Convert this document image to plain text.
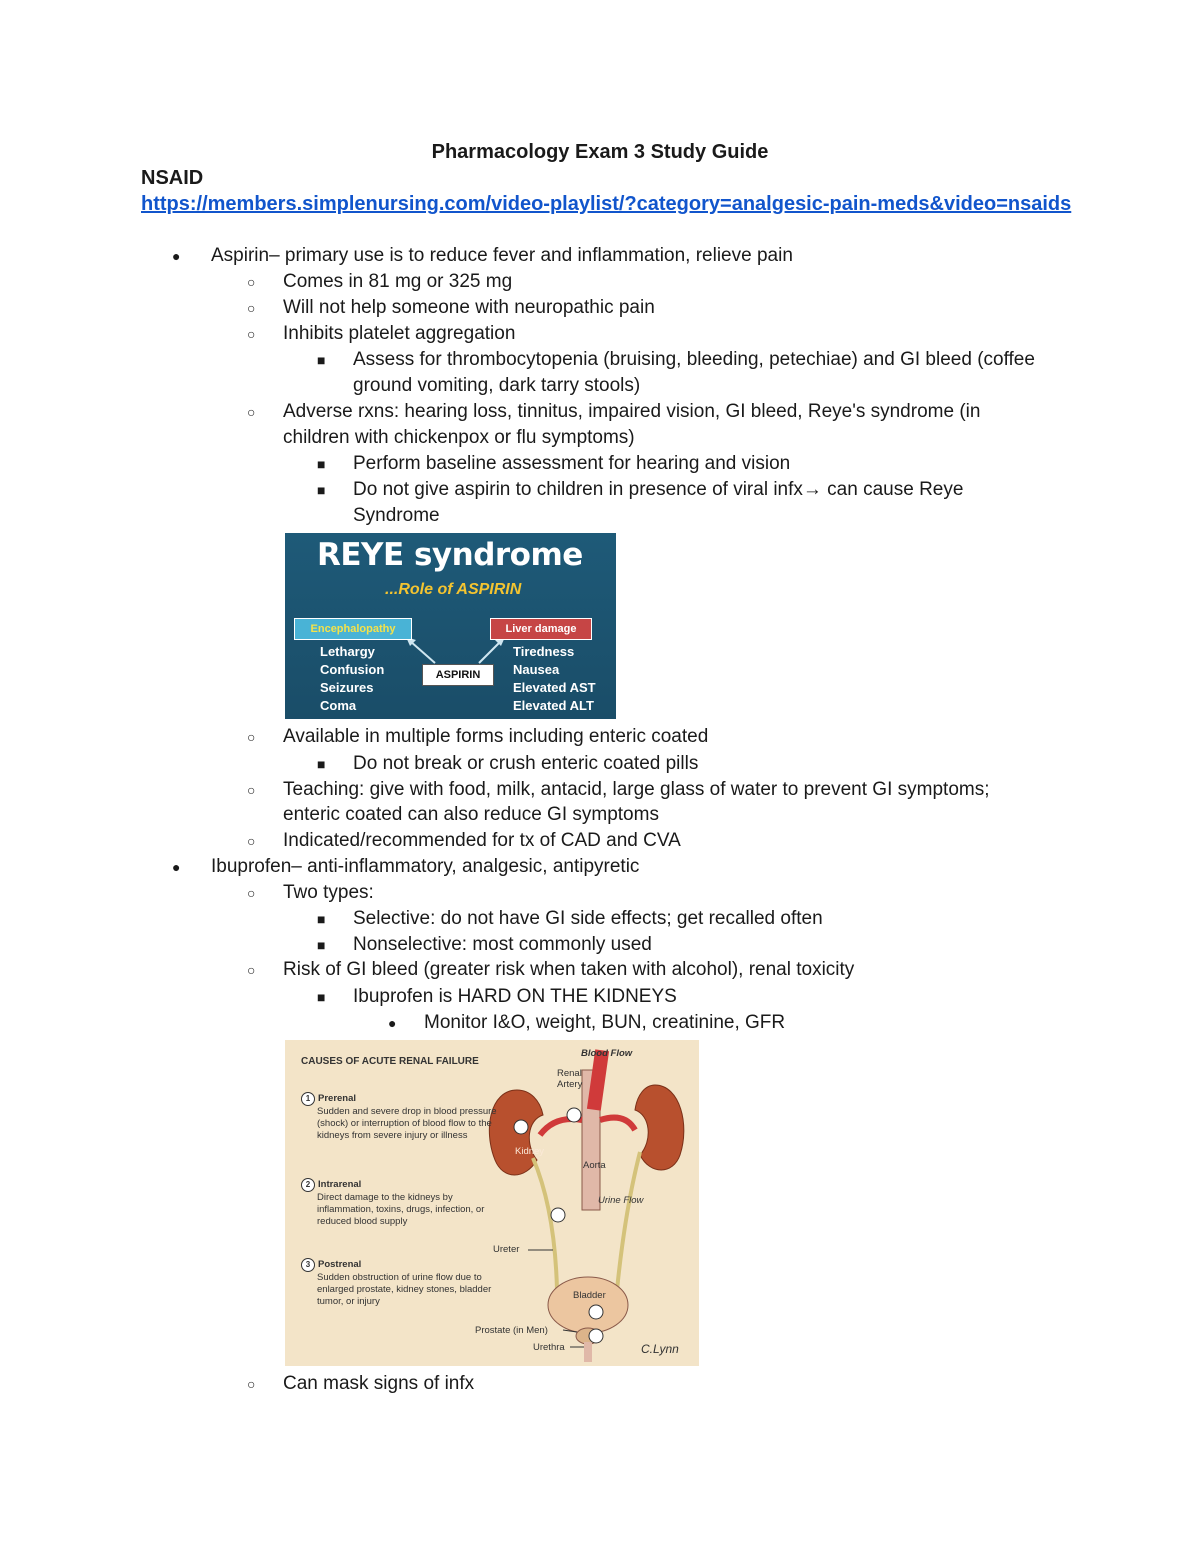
Pharmacology Exam 3 Study Guide
NSAID
https://members.simplenursing.com/video-playlist/?category=analgesic-pain-meds&video=nsaids
● Aspirin– primary use is to reduce fever and inflammation, relieve pain
○ Comes in 81 mg or 325 mg
○ Will not help someone with neuropathic pain
○ Inhibits platelet aggregation
■ Assess for thrombocytopenia (bruising, bleeding, petechiae) and GI bleed (coffee
ground vomiting, dark tarry stools)
○ Adverse rxns: hearing loss, tinnitus, impaired vision, GI bleed, Reye's syndrome (in
children with chickenpox or flu symptoms)
■ Perform baseline assessment for hearing and vision
■ Do not give aspirin to children in presence of viral infx→ can cause Reye
Syndrome
REYE syndrome
...Role of ASPIRIN
Encephalopathy	Liver damage
Lethargy
Confusion
Seizures
Coma
ASPIRIN
Tiredness
Nausea
Elevated AST
Elevated ALT
○ Available in multiple forms including enteric coated
■ Do not break or crush enteric coated pills
○ Teaching: give with food, milk, antacid, large glass of water to prevent GI symptoms;
enteric coated can also reduce GI symptoms
○ Indicated/recommended for tx of CAD and CVA
● Ibuprofen– anti-inflammatory, analgesic, antipyretic
○ Two types:
■ Selective: do not have GI side effects; get recalled often
■ Nonselective: most commonly used
○ Risk of GI bleed (greater risk when taken with alcohol), renal toxicity
■ Ibuprofen is HARD ON THE KIDNEYS
● Monitor I&O, weight, BUN, creatinine, GFR
CAUSES OF ACUTE RENAL FAILURE
1 Prerenal
Sudden and severe drop in blood pressure (shock) or interruption of blood flow to the kidneys from severe injury or illness
2 Intrarenal
Direct damage to the kidneys by inflammation, toxins, drugs, infection, or reduced blood supply
3 Postrenal
Sudden obstruction of urine flow due to enlarged prostate, kidney stones, bladder tumor, or injury
Blood Flow
Renal
Artery
Kidney
Aorta
Urine Flow
Ureter
Bladder
Prostate (in Men)
Urethra	C.Lynn
○ Can mask signs of infx
